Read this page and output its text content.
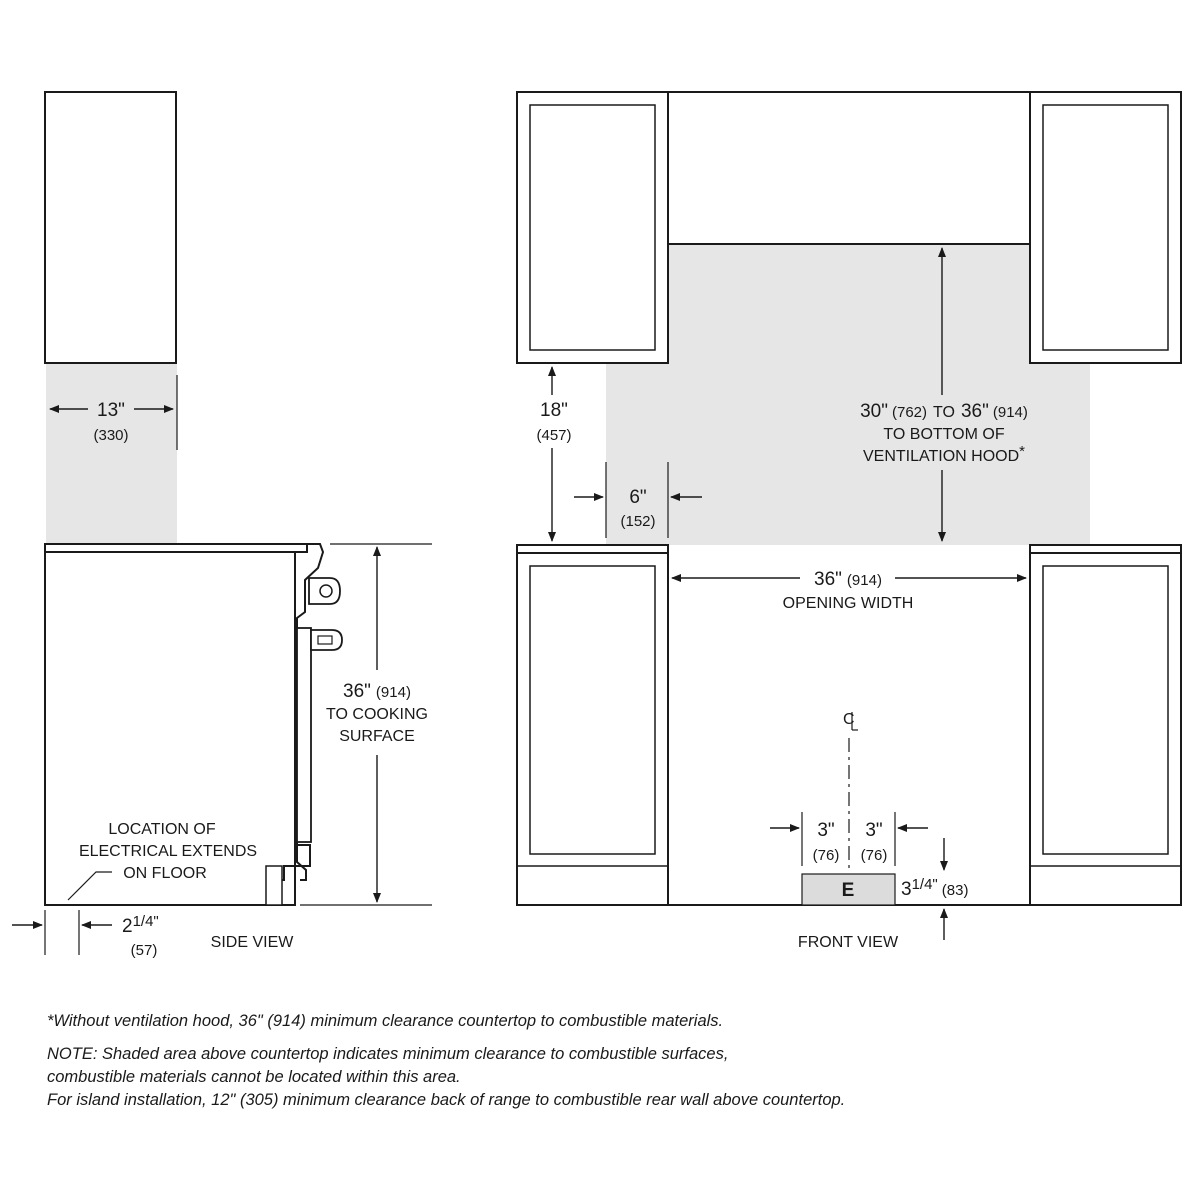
13"
(330)
36" (914)
TO COOKING
SURFACE
LOCATION OF
ELECTRICAL EXTENDS
ON FLOOR
21/4"
(57)	SIDE VIEW
18"
(457)
6"
(152)
30" (762) TO 36" (914)
TO BOTTOM OF
VENTILATION HOOD*
36" (914)
OPENING WIDTH
C
3"
(76)
3"
(76)
E 31/4" (83)
FRONT VIEW
*Without ventilation hood, 36" (914) minimum clearance countertop to combustible materials.
NOTE: Shaded area above countertop indicates minimum clearance to combustible surfaces,
combustible materials cannot be located within this area.
For island installation, 12" (305) minimum clearance back of range to combustible rear wall above countertop.
